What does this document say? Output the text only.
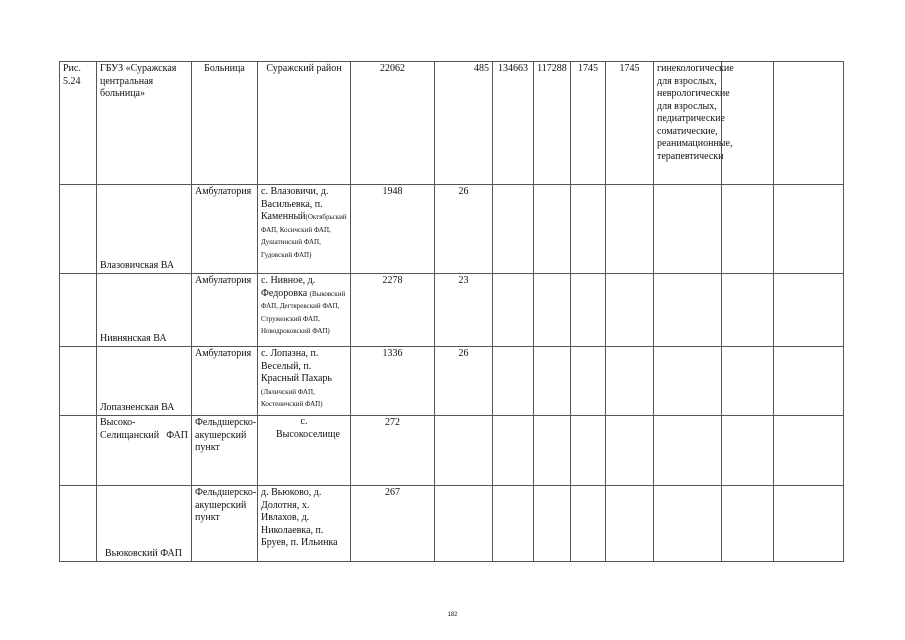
Рис. 5.24	ГБУЗ «Суражская центральная больница»	Больница	Суражский район	22062	485	134663	117288	1745	1745	гинекологические для взрослых, неврологические для взрослых, педиатрические соматические, реанимационные, терапевтически		
	Влазовичская ВА	Амбулатория	с. Влазовичи, д. Васильевка, п. Каменный(Октябрьский ФАП, Косичский ФАП, Душатинский ФАП, Гудовский ФАП)	1948	26							
	Нивнянская ВА	Амбулатория	с. Нивное, д. Федоровка (Выковский ФАП, Дегтяревский ФАП, Струженский ФАП, Новодроковский ФАП)	2278	23							
	Лопазненская ВА	Амбулатория	с. Лопазна, п. Веселый, п. Красный Пахарь (Ляличский ФАП, Костеничский ФАП)	1336	26							
	Высоко-Селищанский ФАП	Фельдшерско-акушерский пункт	с. Высокоселище	272								
	Вьюковский ФАП	Фельдшерско-акушерский пункт	д. Вьюково, д. Долотня, х. Ивлахов, д. Николаевка, п. Бруев, п. Ильинка	267								
182
